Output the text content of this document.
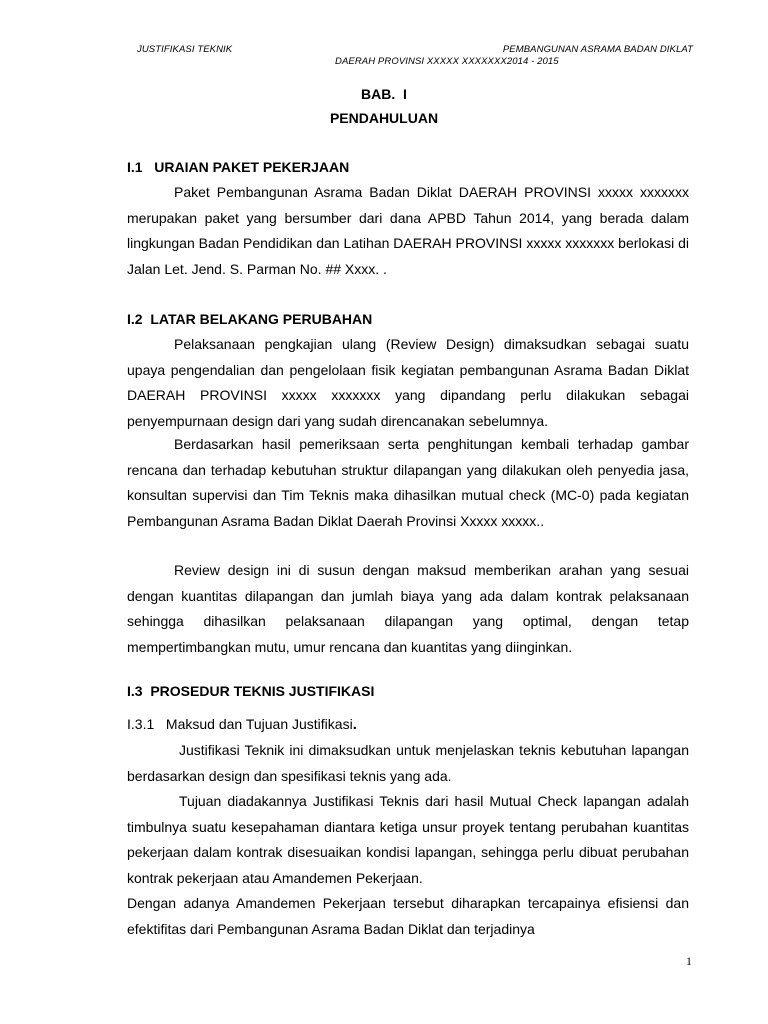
JUSTIFIKASI TEKNIK	PEMBANGUNAN ASRAMA BADAN DIKLAT
DAERAH PROVINSI XXXXX XXXXXXX2014 - 2015
BAB.  I
PENDAHULUAN
I.1   URAIAN PAKET PEKERJAAN

Paket Pembangunan Asrama Badan Diklat DAERAH PROVINSI xxxxx xxxxxxx merupakan paket yang bersumber dari dana APBD Tahun 2014, yang berada dalam lingkungan Badan Pendidikan dan Latihan DAERAH PROVINSI xxxxx xxxxxxx berlokasi di Jalan Let. Jend. S. Parman No. ## Xxxx. .

I.2  LATAR BELAKANG PERUBAHAN

Pelaksanaan pengkajian ulang (Review Design) dimaksudkan sebagai suatu upaya pengendalian dan pengelolaan fisik kegiatan pembangunan Asrama Badan Diklat DAERAH PROVINSI xxxxx xxxxxxx yang dipandang perlu dilakukan sebagai penyempurnaan design dari yang sudah direncanakan sebelumnya.

Berdasarkan hasil pemeriksaan serta penghitungan kembali terhadap gambar rencana dan terhadap kebutuhan struktur dilapangan yang dilakukan oleh penyedia jasa, konsultan supervisi dan Tim Teknis maka dihasilkan mutual check (MC-0) pada kegiatan Pembangunan Asrama Badan Diklat Daerah Provinsi Xxxxx xxxxx..

Review design ini di susun dengan maksud memberikan arahan yang sesuai dengan kuantitas dilapangan dan jumlah biaya yang ada dalam kontrak pelaksanaan sehingga dihasilkan pelaksanaan dilapangan yang optimal, dengan tetap mempertimbangkan mutu, umur rencana dan kuantitas yang diinginkan.

I.3  PROSEDUR TEKNIS JUSTIFIKASI
I.3.1 Maksud dan Tujuan Justifikasi.

Justifikasi Teknik ini dimaksudkan untuk menjelaskan teknis kebutuhan lapangan berdasarkan design dan spesifikasi teknis yang ada.

Tujuan diadakannya Justifikasi Teknis dari hasil Mutual Check lapangan adalah timbulnya suatu kesepahaman diantara ketiga unsur proyek tentang perubahan kuantitas pekerjaan dalam kontrak disesuaikan kondisi lapangan, sehingga perlu dibuat perubahan kontrak pekerjaan atau Amandemen Pekerjaan.

Dengan adanya Amandemen Pekerjaan tersebut diharapkan tercapainya efisiensi dan efektifitas dari Pembangunan Asrama Badan Diklat dan terjadinya

1
